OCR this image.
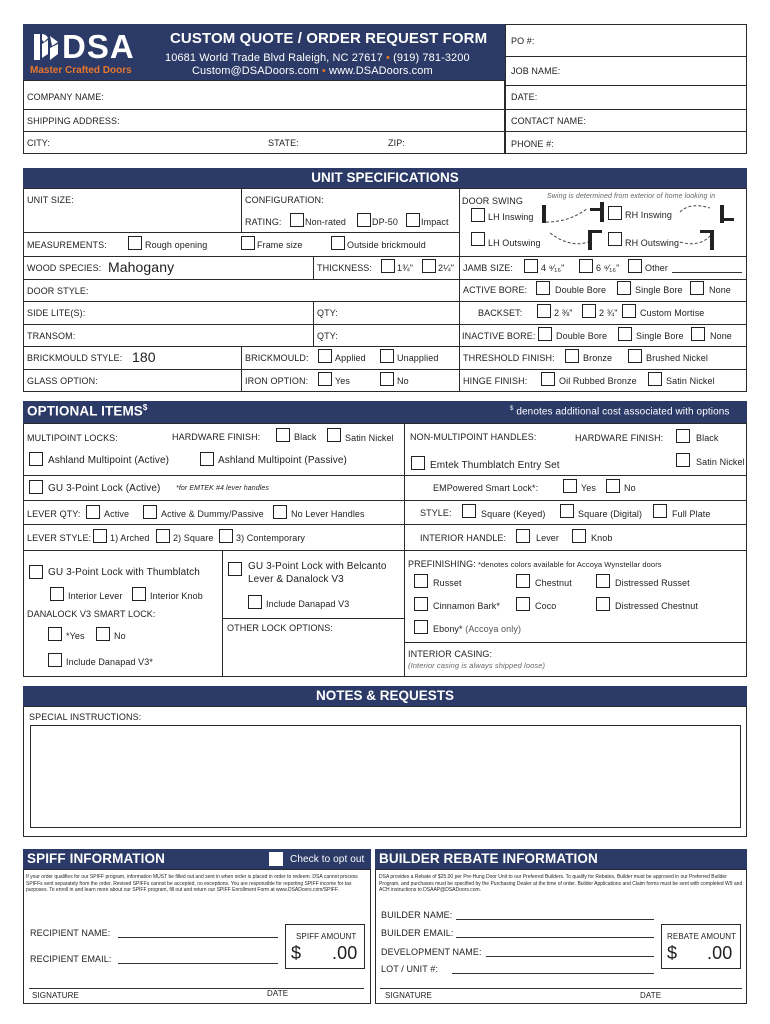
DSA
Master Crafted Doors
CUSTOM QUOTE / ORDER REQUEST FORM
10681 World Trade Blvd Raleigh, NC 27617 • (919) 781-3200
Custom@DSADoors.com • www.DSADoors.com
PO #:
JOB NAME:
DATE:
CONTACT NAME:
PHONE #:
COMPANY NAME:
SHIPPING ADDRESS:
CITY:	STATE:	ZIP:
UNIT SPECIFICATIONS
UNIT SIZE:	CONFIGURATION:
RATING:	Non-rated	DP-50	Impact
MEASUREMENTS:	Rough opening	Frame size	Outside brickmould
WOOD SPECIES: Mahogany	THICKNESS:	1¾"	2¼"
DOOR STYLE:
SIDE LITE(S):	QTY:
TRANSOM:	QTY:
BRICKMOULD STYLE: 180	BRICKMOULD:	Applied	Unapplied
GLASS OPTION:	IRON OPTION:	Yes	No
DOOR SWING	Swing is determined from exterior of home looking in
LH Inswing	RH Inswing
LH Outswing	RH Outswing
JAMB SIZE:	4 ⁹⁄₁₆"	6 ⁹⁄₁₆"	Other
ACTIVE BORE:	Double Bore	Single Bore	None
BACKSET:	2 ⅜"	2 ¾" Custom Mortise
INACTIVE BORE: Double Bore	Single Bore	None
THRESHOLD FINISH:	Bronze	Brushed Nickel
HINGE FINISH:	Oil Rubbed Bronze	Satin Nickel
OPTIONAL ITEMS$	$ denotes additional cost associated with options
MULTIPOINT LOCKS:	HARDWARE FINISH:	Black	Satin Nickel
Ashland Multipoint (Active)	Ashland Multipoint (Passive)
GU 3-Point Lock (Active) *for EMTEK #4 lever handles
LEVER QTY:	Active	Active & Dummy/Passive	No Lever Handles
LEVER STYLE: 1) Arched	2) Square	3) Contemporary
GU 3-Point Lock with Thumblatch
Interior Lever	Interior Knob
DANALOCK V3 SMART LOCK:
*Yes	No
Include Danapad V3*
GU 3-Point Lock with Belcanto
Lever & Danalock V3
Include Danapad V3
OTHER LOCK OPTIONS:
NON-MULTIPOINT HANDLES:	HARDWARE FINISH:	Black
Satin Nickel
Emtek Thumblatch Entry Set
EMPowered Smart Lock*:	Yes	No
STYLE:	Square (Keyed)	Square (Digital)	Full Plate
INTERIOR HANDLE:	Lever	Knob
PREFINISHING: *denotes colors available for Accoya Wynstellar doors
Russet	Chestnut	Distressed Russet
Cinnamon Bark*	Coco	Distressed Chestnut
Ebony* (Accoya only)
INTERIOR CASING:
(Interior casing is always shipped loose)
NOTES & REQUESTS
SPECIAL INSTRUCTIONS:
SPIFF INFORMATION	Check to opt out
If your order qualifies for our SPIFF program, information MUST be filled out and sent in when order is placed in order to redeem. DSA cannot process SPIFFs sent separately from the order. Revised SPIFFs cannot be accepted, no exceptions. You are responsible for reporting SPIFF income for tax purposes. To enroll in and learn more about our SPIFF program, fill out and return our SPIFF Enrollment Form at www.DSADoors.com/SPIFF.
RECIPIENT NAME:
RECIPIENT EMAIL:
SPIFF AMOUNT
$ .00
SIGNATURE	DATE
BUILDER REBATE INFORMATION
DSA provides a Rebate of $25.00 per Pre-Hung Door Unit to our Preferred Builders. To qualify for Rebates, Builder must be approved in our Preferred Builder Program, and purchases must be specified by the Purchasing Dealer at the time of order. Builder Applications and Claim forms must be sent with completed W9 and ACH instructions to DSAAP@DSADoors.com.
BUILDER NAME:
BUILDER EMAIL:
DEVELOPMENT NAME:
LOT / UNIT #:
REBATE AMOUNT
$ .00
SIGNATURE	DATE
